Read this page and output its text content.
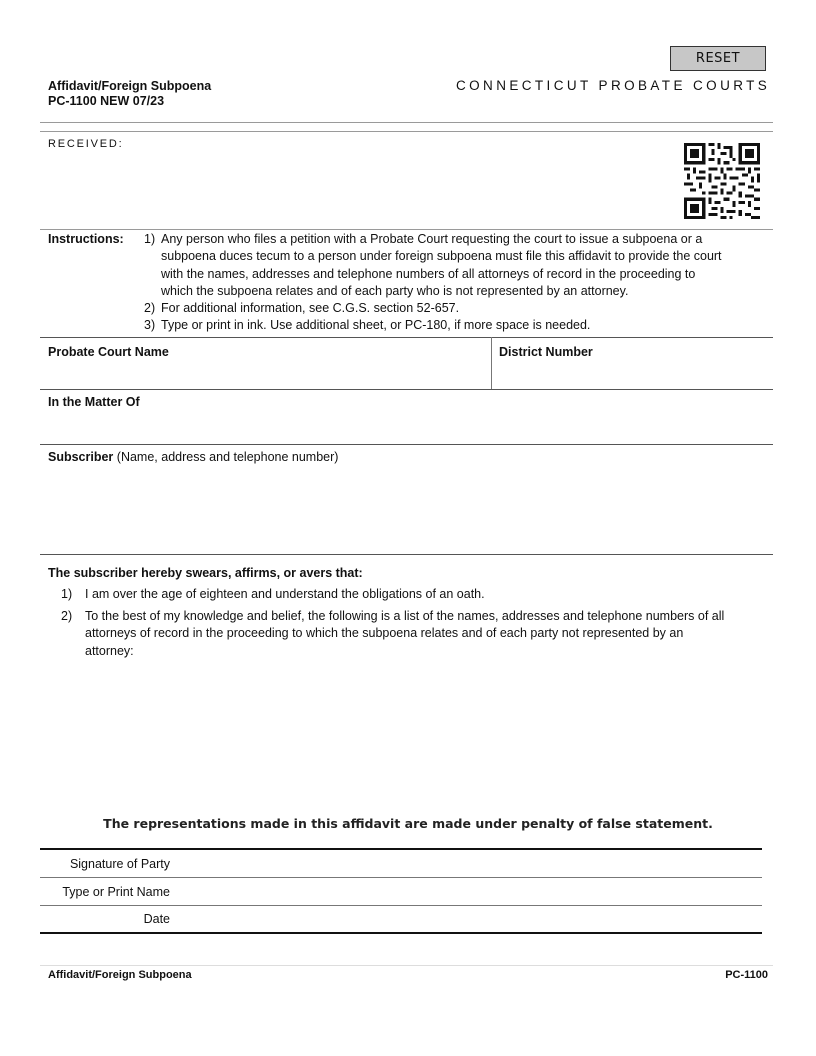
RESET
Affidavit/Foreign Subpoena
PC-1100 NEW 07/23
CONNECTICUT PROBATE COURTS
RECEIVED:
Instructions: 1) Any person who files a petition with a Probate Court requesting the court to issue a subpoena or a
subpoena duces tecum to a person under foreign subpoena must file this affidavit to provide the court
with the names, addresses and telephone numbers of all attorneys of record in the proceeding to
which the subpoena relates and of each party who is not represented by an attorney.
2) For additional information, see C.G.S. section 52-657.
3) Type or print in ink. Use additional sheet, or PC-180, if more space is needed.
Probate Court Name	District Number
In the Matter Of
Subscriber (Name, address and telephone number)
The subscriber hereby swears, affirms, or avers that:
1)	I am over the age of eighteen and understand the obligations of an oath.
2) To the best of my knowledge and belief, the following is a list of the names, addresses and telephone numbers of all
attorneys of record in the proceeding to which the subpoena relates and of each party not represented by an
attorney:
The representations made in this affidavit are made under penalty of false statement.
Signature of Party
Type or Print Name
Date
Affidavit/Foreign Subpoena	PC-1100
